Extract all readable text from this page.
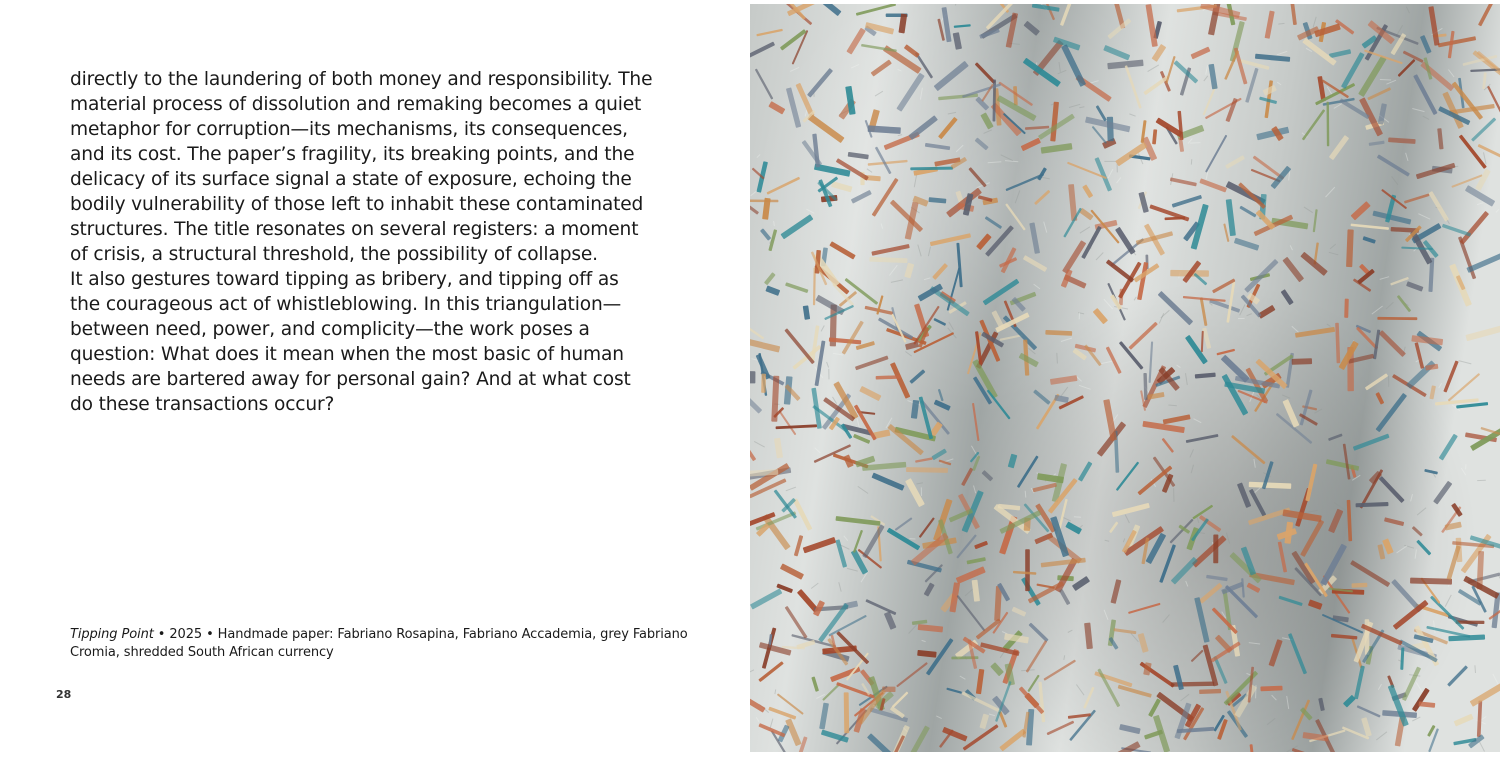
directly to the laundering of both money and responsibility. The
material process of dissolution and remaking becomes a quiet
metaphor for corruption—its mechanisms, its consequences,
and its cost. The paper’s fragility, its breaking points, and the
delicacy of its surface signal a state of exposure, echoing the
bodily vulnerability of those left to inhabit these contaminated
structures. The title resonates on several registers: a moment
of crisis, a structural threshold, the possibility of collapse.
It also gestures toward tipping as bribery, and tipping off as
the courageous act of whistleblowing. In this triangulation—
between need, power, and complicity—the work poses a
question: What does it mean when the most basic of human
needs are bartered away for personal gain? And at what cost
do these transactions occur?

Tipping Point • 2025 • Handmade paper: Fabriano Rosapina, Fabriano Accademia, grey Fabriano
Cromia, shredded South African currency

28
